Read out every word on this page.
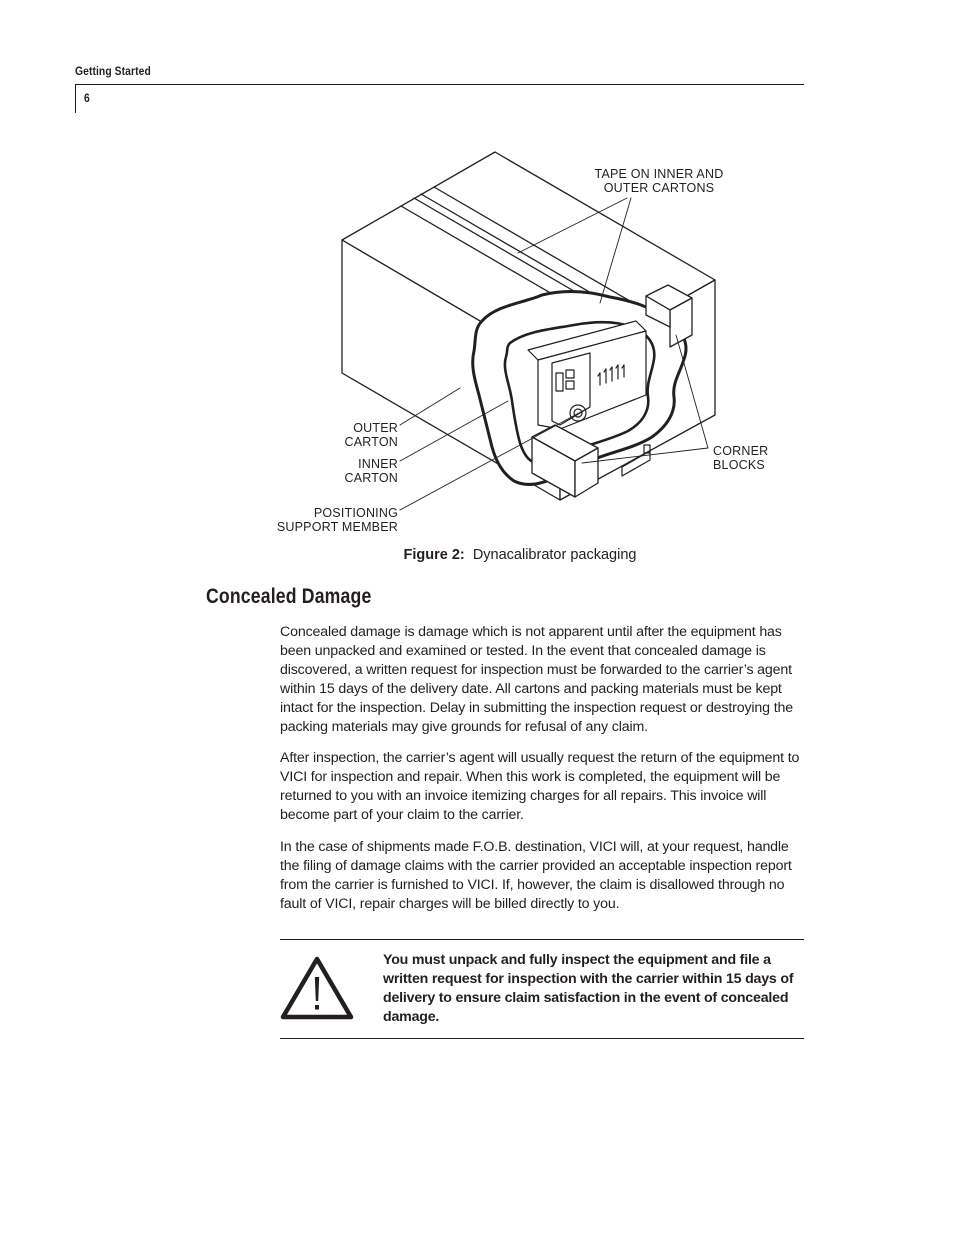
Getting Started
6
TAPE ON INNER AND
OUTER CARTONS
OUTER
CARTON
INNER
CARTON
POSITIONING
SUPPORT MEMBER
CORNER
BLOCKS
Figure 2: Dynacalibrator packaging
Concealed Damage
Concealed damage is damage which is not apparent until after the equipment has been unpacked and examined or tested. In the event that concealed damage is discovered, a written request for inspection must be forwarded to the carrier’s agent within 15 days of the delivery date. All cartons and packing materials must be kept intact for the inspection. Delay in submitting the inspection request or destroying the packing materials may give grounds for refusal of any claim.
After inspection, the carrier’s agent will usually request the return of the equipment to VICI for inspection and repair. When this work is completed, the equipment will be returned to you with an invoice itemizing charges for all repairs. This invoice will become part of your claim to the carrier.
In the case of shipments made F.O.B. destination, VICI will, at your request, handle the filing of damage claims with the carrier provided an acceptable inspection report from the carrier is furnished to VICI. If, however, the claim is disallowed through no fault of VICI, repair charges will be billed directly to you.
You must unpack and fully inspect the equipment and file a written request for inspection with the carrier within 15 days of delivery to ensure claim satisfaction in the event of concealed damage.
